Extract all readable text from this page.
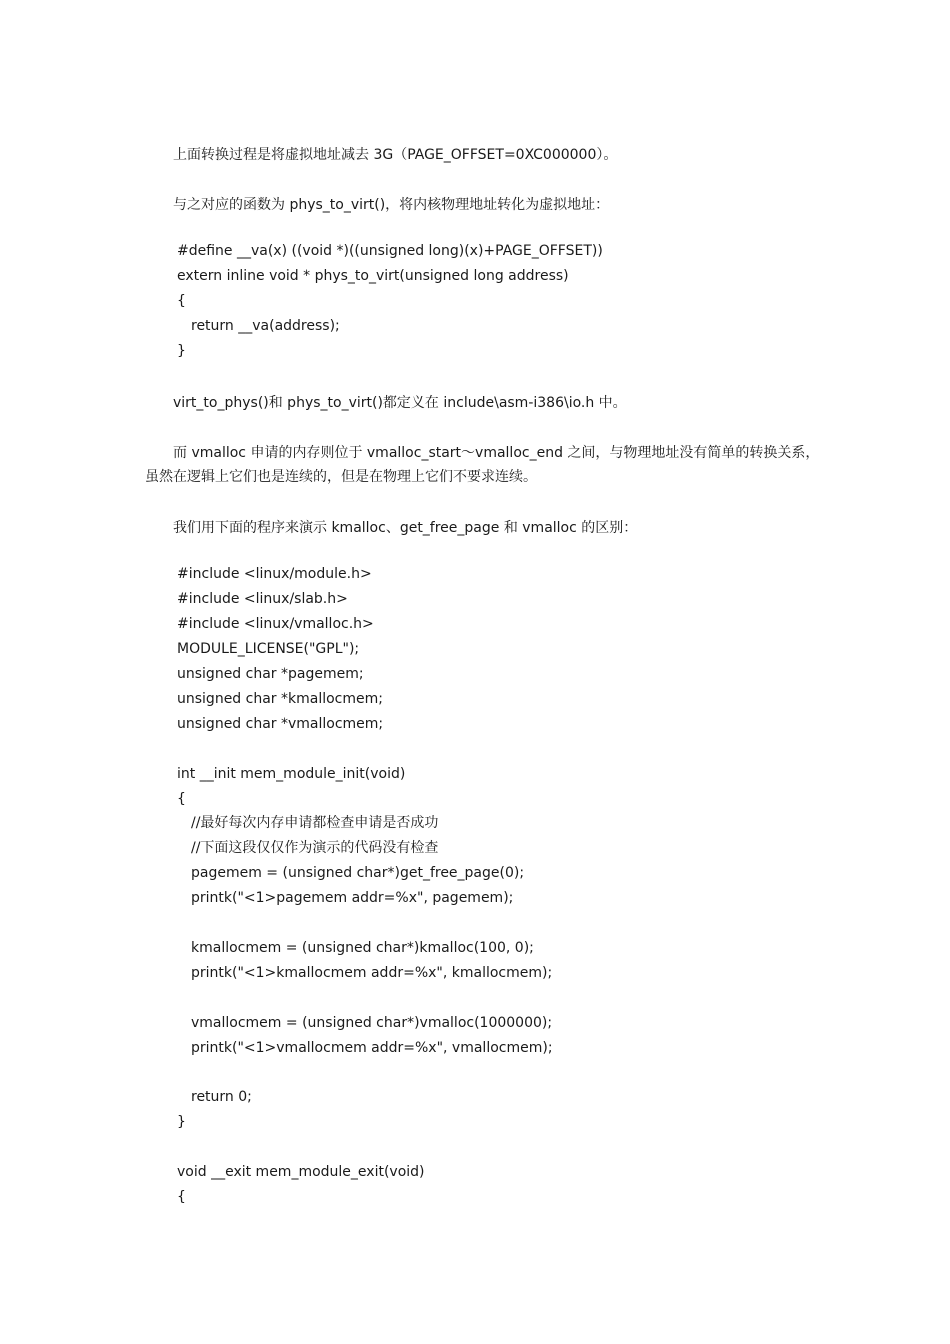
上面转换过程是将虚拟地址减去 3G（PAGE_OFFSET=0XC000000）。
与之对应的函数为 phys_to_virt()，将内核物理地址转化为虚拟地址：
#define __va(x) ((void *)((unsigned long)(x)+PAGE_OFFSET))
extern inline void * phys_to_virt(unsigned long address)
{
return __va(address);
}
virt_to_phys()和 phys_to_virt()都定义在 include\asm-i386\io.h 中。
而 vmalloc 申请的内存则位于 vmalloc_start～vmalloc_end 之间，与物理地址没有简单的转换关系，
虽然在逻辑上它们也是连续的，但是在物理上它们不要求连续。
我们用下面的程序来演示 kmalloc、get_free_page 和 vmalloc 的区别：
#include <linux/module.h>
#include <linux/slab.h>
#include <linux/vmalloc.h>
MODULE_LICENSE("GPL");
unsigned char *pagemem;
unsigned char *kmallocmem;
unsigned char *vmallocmem;
int __init mem_module_init(void)
{
//最好每次内存申请都检查申请是否成功
//下面这段仅仅作为演示的代码没有检查
pagemem = (unsigned char*)get_free_page(0);
printk("<1>pagemem addr=%x", pagemem);
kmallocmem = (unsigned char*)kmalloc(100, 0);
printk("<1>kmallocmem addr=%x", kmallocmem);
vmallocmem = (unsigned char*)vmalloc(1000000);
printk("<1>vmallocmem addr=%x", vmallocmem);
return 0;
}
void __exit mem_module_exit(void)
{
